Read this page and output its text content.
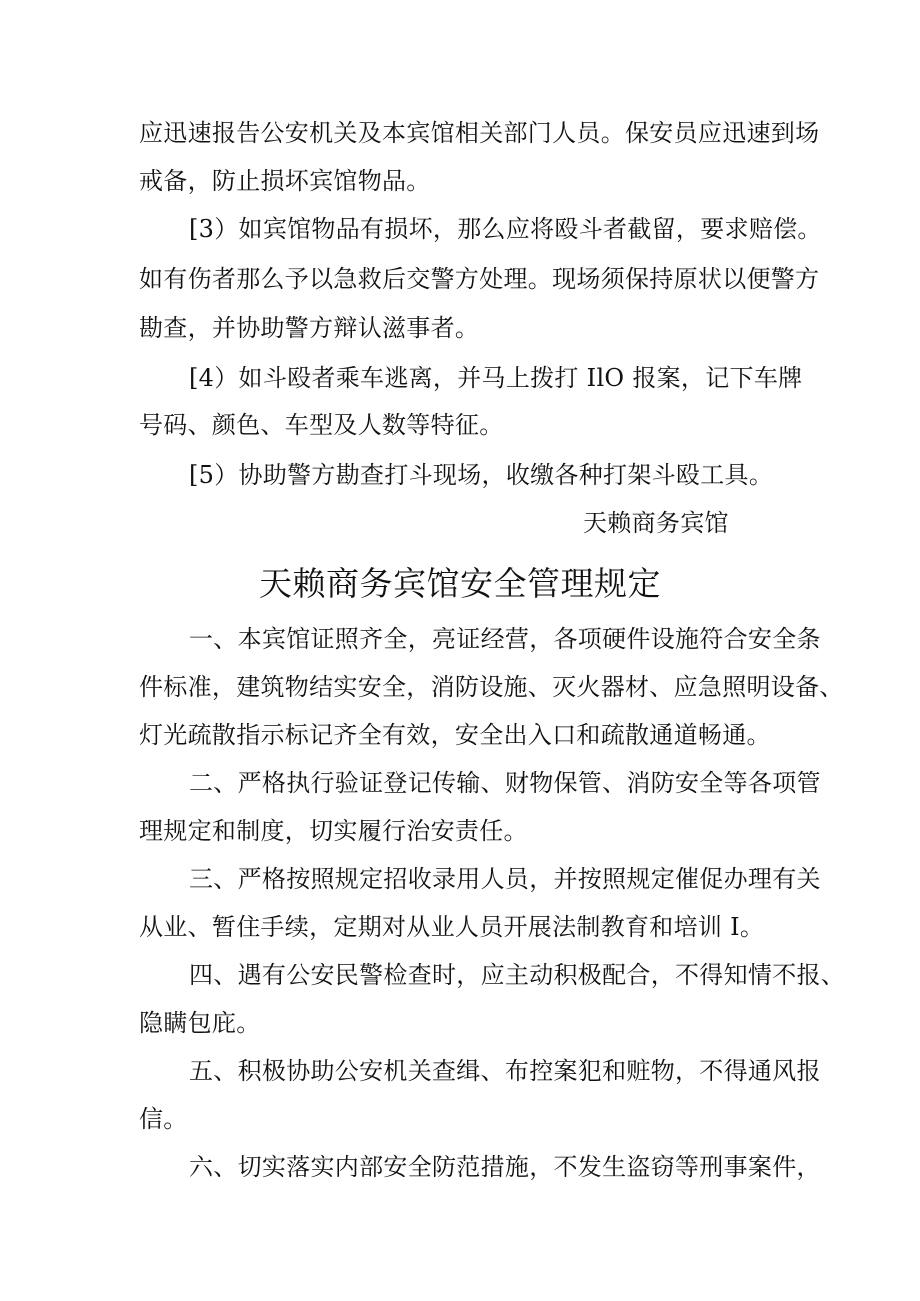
应迅速报告公安机关及本宾馆相关部门人员。保安员应迅速到场
戒备，防止损坏宾馆物品。
[3）如宾馆物品有损坏，那么应将殴斗者截留，要求赔偿。
如有伤者那么予以急救后交警方处理。现场须保持原状以便警方
勘查，并协助警方辩认滋事者。
[4）如斗殴者乘车逃离，并马上拨打 IlO 报案，记下车牌
号码、颜色、车型及人数等特征。
[5）协助警方勘查打斗现场，收缴各种打架斗殴工具。
天赖商务宾馆
天赖商务宾馆安全管理规定
一、本宾馆证照齐全，亮证经营，各项硬件设施符合安全条
件标准，建筑物结实安全，消防设施、灭火器材、应急照明设备、
灯光疏散指示标记齐全有效，安全出入口和疏散通道畅通。
二、严格执行验证登记传输、财物保管、消防安全等各项管
理规定和制度，切实履行治安责任。
三、严格按照规定招收录用人员，并按照规定催促办理有关
从业、暂住手续，定期对从业人员开展法制教育和培训 I。
四、遇有公安民警检查时，应主动积极配合，不得知情不报、
隐瞒包庇。
五、积极协助公安机关查缉、布控案犯和赃物，不得通风报
信。
六、切实落实内部安全防范措施，不发生盗窃等刑事案件，
